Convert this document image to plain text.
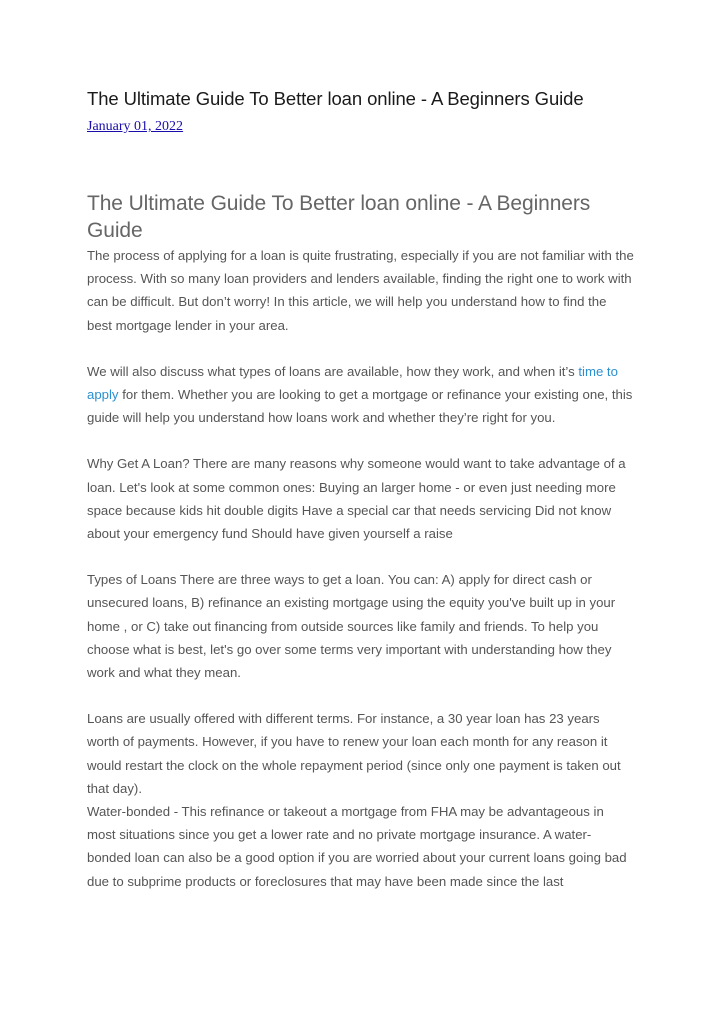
The Ultimate Guide To Better loan online - A Beginners Guide
January 01, 2022
The Ultimate Guide To Better loan online - A Beginners Guide

The process of applying for a loan is quite frustrating, especially if you are not familiar with the process. With so many loan providers and lenders available, finding the right one to work with can be difficult. But don’t worry! In this article, we will help you understand how to find the best mortgage lender in your area.

We will also discuss what types of loans are available, how they work, and when it’s time to apply for them. Whether you are looking to get a mortgage or refinance your existing one, this guide will help you understand how loans work and whether they’re right for you.

Why Get A Loan? There are many reasons why someone would want to take advantage of a loan. Let's look at some common ones: Buying an larger home - or even just needing more space because kids hit double digits Have a special car that needs servicing Did not know about your emergency fund Should have given yourself a raise

Types of Loans There are three ways to get a loan. You can: A) apply for direct cash or unsecured loans, B) refinance an existing mortgage using the equity you've built up in your home , or C) take out financing from outside sources like family and friends. To help you choose what is best, let's go over some terms very important with understanding how they work and what they mean.

Loans are usually offered with different terms. For instance, a 30 year loan has 23 years worth of payments. However, if you have to renew your loan each month for any reason it would restart the clock on the whole repayment period (since only one payment is taken out that day).

Water-bonded - This refinance or takeout a mortgage from FHA may be advantageous in most situations since you get a lower rate and no private mortgage insurance. A water-bonded loan can also be a good option if you are worried about your current loans going bad due to subprime products or foreclosures that may have been made since the last
